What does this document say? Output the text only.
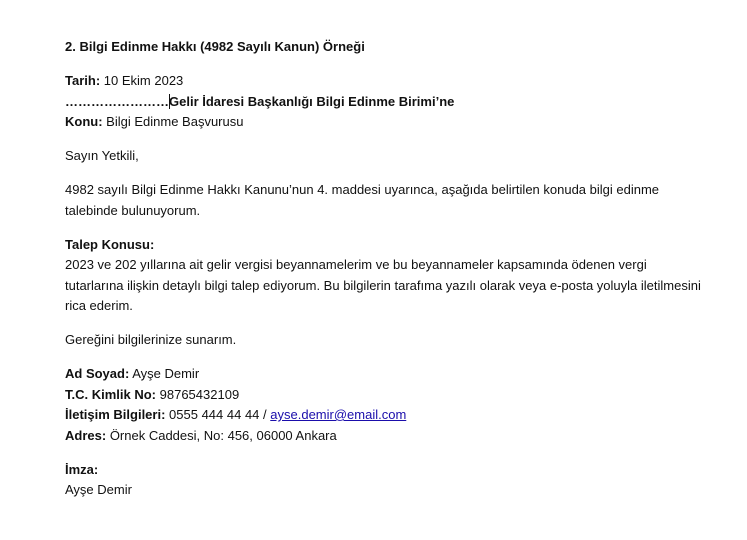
2. Bilgi Edinme Hakkı (4982 Sayılı Kanun) Örneği
Tarih: 10 Ekim 2023
……………………Gelir İdaresi Başkanlığı Bilgi Edinme Birimi’ne
Konu: Bilgi Edinme Başvurusu
Sayın Yetkili,
4982 sayılı Bilgi Edinme Hakkı Kanunu’nun 4. maddesi uyarınca, aşağıda belirtilen konuda bilgi edinme talebinde bulunuyorum.
Talep Konusu:
2023 ve 202 yıllarına ait gelir vergisi beyannamelerim ve bu beyannameler kapsamında ödenen vergi tutarlarına ilişkin detaylı bilgi talep ediyorum. Bu bilgilerin tarafıma yazılı olarak veya e-posta yoluyla iletilmesini rica ederim.
Gereğini bilgilerinize sunarım.
Ad Soyad: Ayşe Demir
T.C. Kimlik No: 98765432109
İletişim Bilgileri: 0555 444 44 44 / ayse.demir@email.com
Adres: Örnek Caddesi, No: 456, 06000 Ankara
İmza:
Ayşe Demir
